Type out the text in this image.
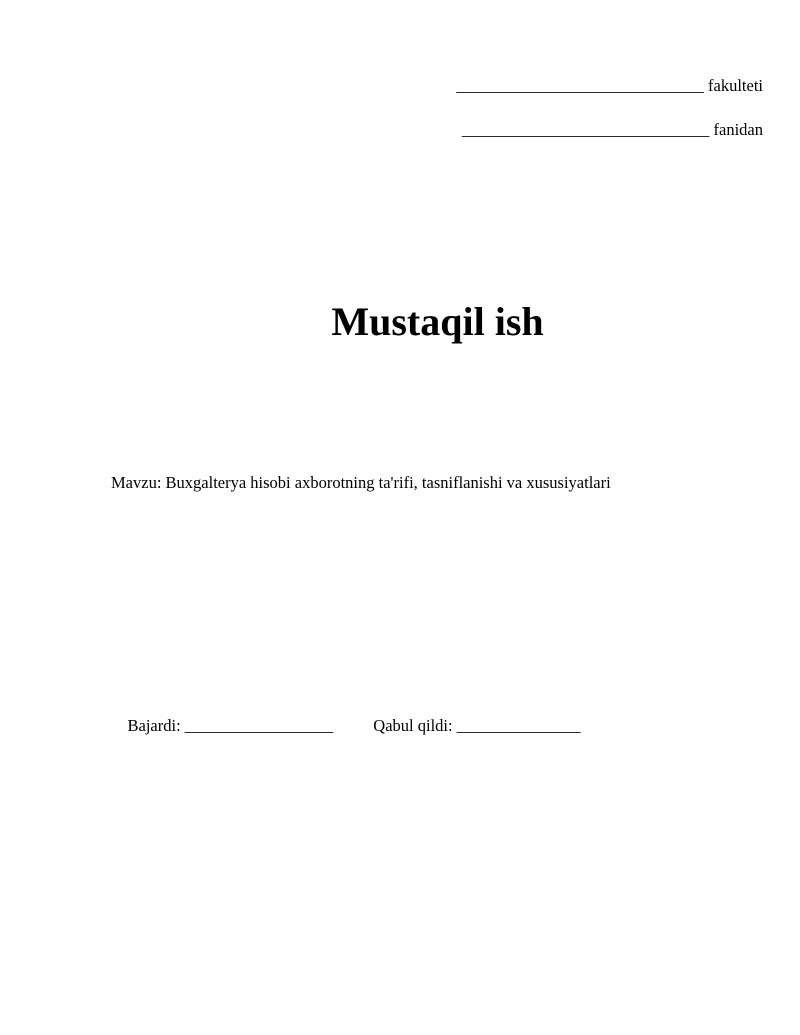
______________________________ fakulteti
______________________________ fanidan
Mustaqil ish
Mavzu: Buxgalterya hisobi axborotning ta'rifi, tasniflanishi va xususiyatlari

Bajardi: __________________ Qabul qildi: _______________
